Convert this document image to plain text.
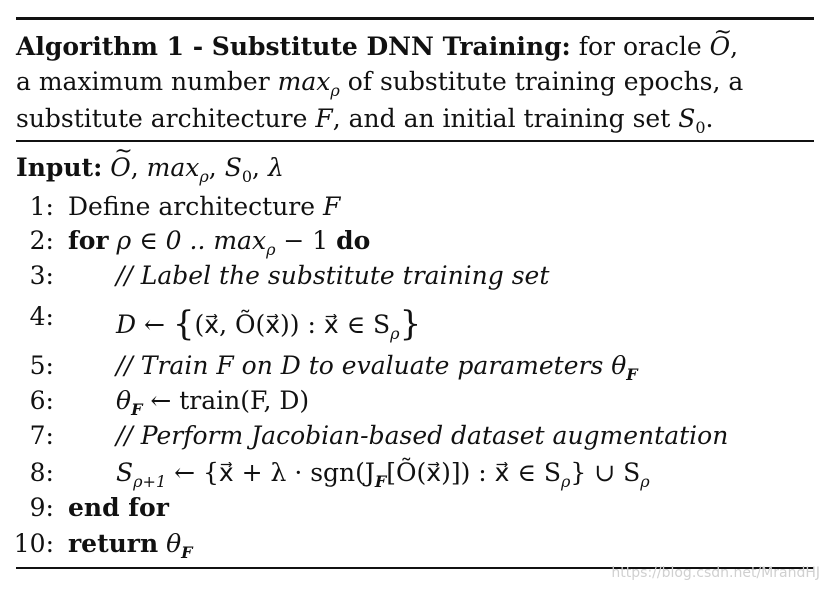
Algorithm 1 - Substitute DNN Training: for oracle ~ O,
a maximum number $\max_\rho$ of substitute training epochs, a
substitute architecture F, and an initial training set $S_0$.
Input: ~ O, $\max_\rho$, $S_0$, λ
1: Define architecture F
2: for ρ ∈ 0 .. $\max_\rho - 1$ do
3: // Label the substitute training set
4: D ← {(x⃗, Õ(x⃗)) : x⃗ ∈ $S_\rho$}
5: // Train F on D to evaluate parameters $\theta_F$
6: $\theta_F$ ← train(F, D)
7: // Perform Jacobian-based dataset augmentation
8: $S_{\rho+1}$ ← {x⃗ + $\lambda \cdot sgn(J_F[Õ(x⃗)])$ : x⃗ ∈ $S_\rho$} ∪ $S_\rho$
9: end for
10: return $\theta_F$
https://blog.csdn.net/MrandHJ
